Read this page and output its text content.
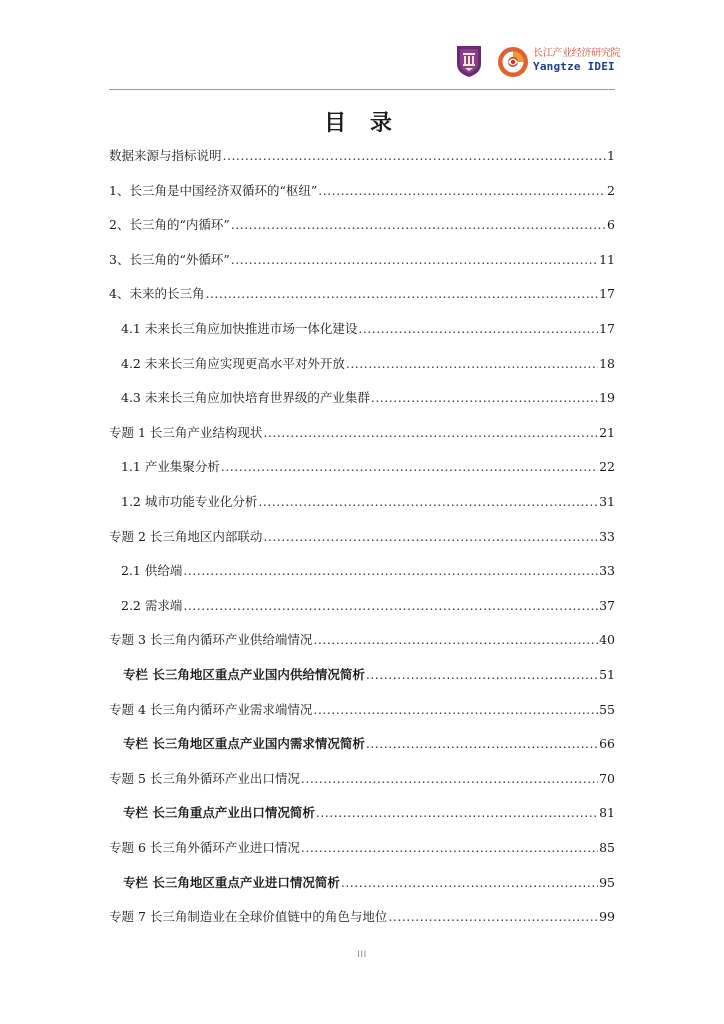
长江产业经济研究院
Yangtze IDEI
目 录
数据来源与指标说明 .....	1
1、长三角是中国经济双循环的“枢纽” .....	2
2、长三角的“内循环” .....	6
3、长三角的“外循环” .....	11
4、未来的长三角 .....	17
4.1 未来长三角应加快推进市场一体化建设 .....	17
4.2 未来长三角应实现更高水平对外开放 .....	18
4.3 未来长三角应加快培育世界级的产业集群 .....	19
专题 1 长三角产业结构现状 .....	21
1.1 产业集聚分析 .....	22
1.2 城市功能专业化分析 .....	31
专题 2 长三角地区内部联动 .....	33
2.1 供给端 .....	33
2.2 需求端 .....	37
专题 3 长三角内循环产业供给端情况 .....	40
专栏 长三角地区重点产业国内供给情况简析 .....	51
专题 4 长三角内循环产业需求端情况 .....	55
专栏 长三角地区重点产业国内需求情况简析 .....	66
专题 5 长三角外循环产业出口情况 .....	70
专栏 长三角重点产业出口情况简析 .....	81
专题 6 长三角外循环产业进口情况 .....	85
专栏 长三角地区重点产业进口情况简析 .....	95
专题 7 长三角制造业在全球价值链中的角色与地位 .....	99
III
